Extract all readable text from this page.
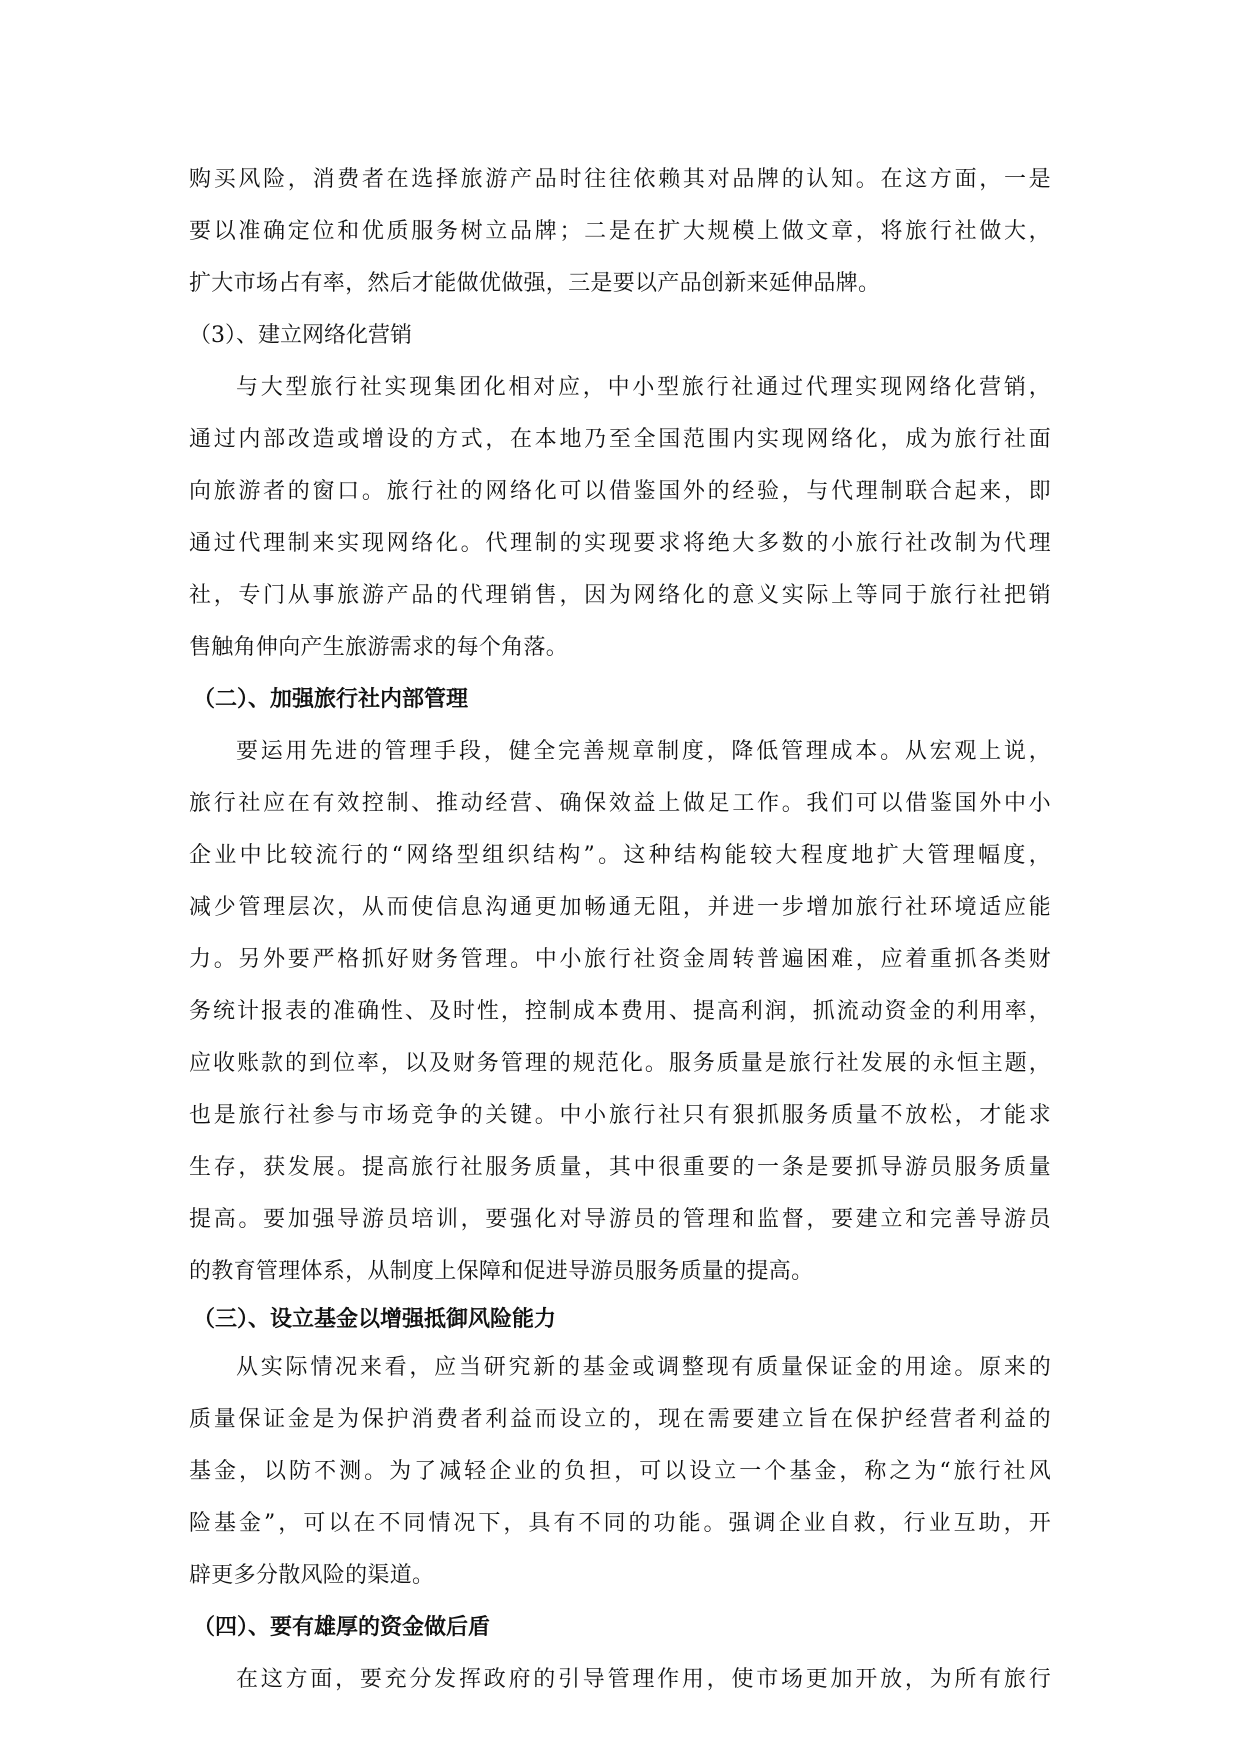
购买风险，消费者在选择旅游产品时往往依赖其对品牌的认知。在这方面，一是
要以准确定位和优质服务树立品牌；二是在扩大规模上做文章，将旅行社做大，
扩大市场占有率，然后才能做优做强，三是要以产品创新来延伸品牌。
（3）、建立网络化营销
与大型旅行社实现集团化相对应，中小型旅行社通过代理实现网络化营销，
通过内部改造或增设的方式，在本地乃至全国范围内实现网络化，成为旅行社面
向旅游者的窗口。旅行社的网络化可以借鉴国外的经验，与代理制联合起来，即
通过代理制来实现网络化。代理制的实现要求将绝大多数的小旅行社改制为代理
社，专门从事旅游产品的代理销售，因为网络化的意义实际上等同于旅行社把销
售触角伸向产生旅游需求的每个角落。
（二）、加强旅行社内部管理
要运用先进的管理手段，健全完善规章制度，降低管理成本。从宏观上说，
旅行社应在有效控制、推动经营、确保效益上做足工作。我们可以借鉴国外中小
企业中比较流行的“网络型组织结构”。这种结构能较大程度地扩大管理幅度，
减少管理层次，从而使信息沟通更加畅通无阻，并进一步增加旅行社环境适应能
力。另外要严格抓好财务管理。中小旅行社资金周转普遍困难，应着重抓各类财
务统计报表的准确性、及时性，控制成本费用、提高利润，抓流动资金的利用率，
应收账款的到位率，以及财务管理的规范化。服务质量是旅行社发展的永恒主题，
也是旅行社参与市场竞争的关键。中小旅行社只有狠抓服务质量不放松，才能求
生存，获发展。提高旅行社服务质量，其中很重要的一条是要抓导游员服务质量
提高。要加强导游员培训，要强化对导游员的管理和监督，要建立和完善导游员
的教育管理体系，从制度上保障和促进导游员服务质量的提高。
（三）、设立基金以增强抵御风险能力
从实际情况来看，应当研究新的基金或调整现有质量保证金的用途。原来的
质量保证金是为保护消费者利益而设立的，现在需要建立旨在保护经营者利益的
基金，以防不测。为了减轻企业的负担，可以设立一个基金，称之为“旅行社风
险基金”，可以在不同情况下，具有不同的功能。强调企业自救，行业互助，开
辟更多分散风险的渠道。
（四）、要有雄厚的资金做后盾
在这方面，要充分发挥政府的引导管理作用，使市场更加开放，为所有旅行
